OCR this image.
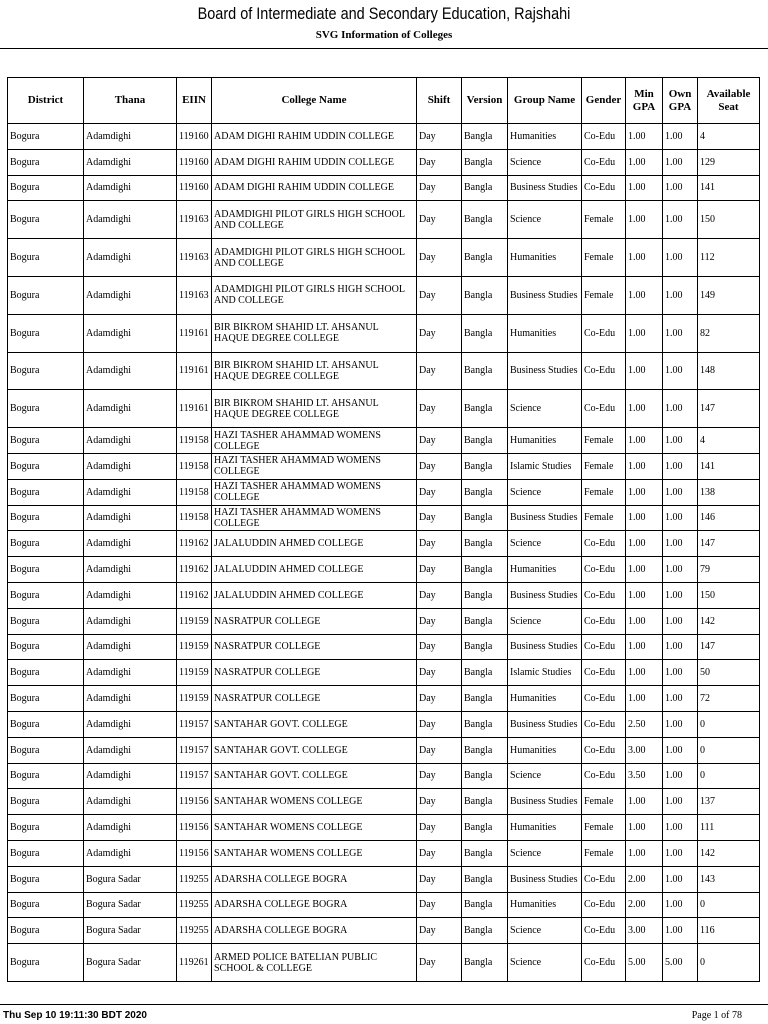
Board of Intermediate and Secondary Education, Rajshahi
SVG Information of Colleges
District	Thana	EIIN	College Name	Shift	Version	Group Name	Gender	Min GPA	Own GPA	Available Seat
Bogura	Adamdighi	119160	ADAM DIGHI RAHIM UDDIN COLLEGE	Day	Bangla	Humanities	Co-Edu	1.00	1.00	4
Bogura	Adamdighi	119160	ADAM DIGHI RAHIM UDDIN COLLEGE	Day	Bangla	Science	Co-Edu	1.00	1.00	129
Bogura	Adamdighi	119160	ADAM DIGHI RAHIM UDDIN COLLEGE	Day	Bangla	Business Studies	Co-Edu	1.00	1.00	141
Bogura	Adamdighi	119163	ADAMDIGHI PILOT GIRLS HIGH SCHOOL AND COLLEGE	Day	Bangla	Science	Female	1.00	1.00	150
Bogura	Adamdighi	119163	ADAMDIGHI PILOT GIRLS HIGH SCHOOL AND COLLEGE	Day	Bangla	Humanities	Female	1.00	1.00	112
Bogura	Adamdighi	119163	ADAMDIGHI PILOT GIRLS HIGH SCHOOL AND COLLEGE	Day	Bangla	Business Studies	Female	1.00	1.00	149
Bogura	Adamdighi	119161	BIR BIKROM SHAHID LT. AHSANUL HAQUE DEGREE COLLEGE	Day	Bangla	Humanities	Co-Edu	1.00	1.00	82
Bogura	Adamdighi	119161	BIR BIKROM SHAHID LT. AHSANUL HAQUE DEGREE COLLEGE	Day	Bangla	Business Studies	Co-Edu	1.00	1.00	148
Bogura	Adamdighi	119161	BIR BIKROM SHAHID LT. AHSANUL HAQUE DEGREE COLLEGE	Day	Bangla	Science	Co-Edu	1.00	1.00	147
Bogura	Adamdighi	119158	HAZI TASHER AHAMMAD WOMENS COLLEGE	Day	Bangla	Humanities	Female	1.00	1.00	4
Bogura	Adamdighi	119158	HAZI TASHER AHAMMAD WOMENS COLLEGE	Day	Bangla	Islamic Studies	Female	1.00	1.00	141
Bogura	Adamdighi	119158	HAZI TASHER AHAMMAD WOMENS COLLEGE	Day	Bangla	Science	Female	1.00	1.00	138
Bogura	Adamdighi	119158	HAZI TASHER AHAMMAD WOMENS COLLEGE	Day	Bangla	Business Studies	Female	1.00	1.00	146
Bogura	Adamdighi	119162	JALALUDDIN AHMED COLLEGE	Day	Bangla	Science	Co-Edu	1.00	1.00	147
Bogura	Adamdighi	119162	JALALUDDIN AHMED COLLEGE	Day	Bangla	Humanities	Co-Edu	1.00	1.00	79
Bogura	Adamdighi	119162	JALALUDDIN AHMED COLLEGE	Day	Bangla	Business Studies	Co-Edu	1.00	1.00	150
Bogura	Adamdighi	119159	NASRATPUR COLLEGE	Day	Bangla	Science	Co-Edu	1.00	1.00	142
Bogura	Adamdighi	119159	NASRATPUR COLLEGE	Day	Bangla	Business Studies	Co-Edu	1.00	1.00	147
Bogura	Adamdighi	119159	NASRATPUR COLLEGE	Day	Bangla	Islamic Studies	Co-Edu	1.00	1.00	50
Bogura	Adamdighi	119159	NASRATPUR COLLEGE	Day	Bangla	Humanities	Co-Edu	1.00	1.00	72
Bogura	Adamdighi	119157	SANTAHAR GOVT. COLLEGE	Day	Bangla	Business Studies	Co-Edu	2.50	1.00	0
Bogura	Adamdighi	119157	SANTAHAR GOVT. COLLEGE	Day	Bangla	Humanities	Co-Edu	3.00	1.00	0
Bogura	Adamdighi	119157	SANTAHAR GOVT. COLLEGE	Day	Bangla	Science	Co-Edu	3.50	1.00	0
Bogura	Adamdighi	119156	SANTAHAR WOMENS COLLEGE	Day	Bangla	Business Studies	Female	1.00	1.00	137
Bogura	Adamdighi	119156	SANTAHAR WOMENS COLLEGE	Day	Bangla	Humanities	Female	1.00	1.00	111
Bogura	Adamdighi	119156	SANTAHAR WOMENS COLLEGE	Day	Bangla	Science	Female	1.00	1.00	142
Bogura	Bogura Sadar	119255	ADARSHA COLLEGE BOGRA	Day	Bangla	Business Studies	Co-Edu	2.00	1.00	143
Bogura	Bogura Sadar	119255	ADARSHA COLLEGE BOGRA	Day	Bangla	Humanities	Co-Edu	2.00	1.00	0
Bogura	Bogura Sadar	119255	ADARSHA COLLEGE BOGRA	Day	Bangla	Science	Co-Edu	3.00	1.00	116
Bogura	Bogura Sadar	119261	ARMED POLICE BATELIAN PUBLIC SCHOOL & COLLEGE	Day	Bangla	Science	Co-Edu	5.00	5.00	0
Thu Sep 10 19:11:30 BDT 2020	Page 1 of 78
